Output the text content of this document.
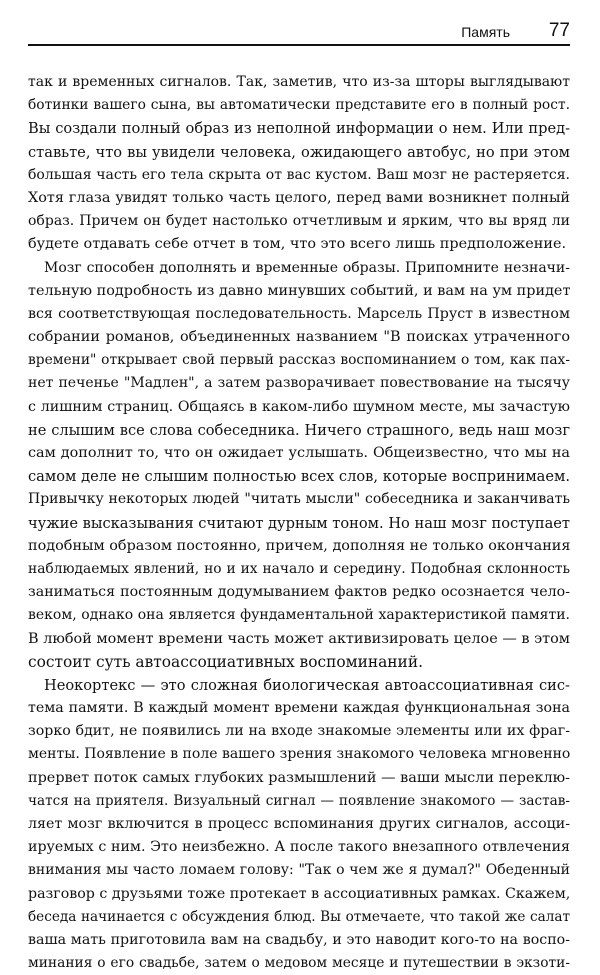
Память 77
так и временных сигналов. Так, заметив, что из-за шторы выглядывают
ботинки вашего сына, вы автоматически представите его в полный рост.
Вы создали полный образ из неполной информации о нем. Или пред-
ставьте, что вы увидели человека, ожидающего автобус, но при этом
большая часть его тела скрыта от вас кустом. Ваш мозг не растеряется.
Хотя глаза увидят только часть целого, перед вами возникнет полный
образ. Причем он будет настолько отчетливым и ярким, что вы вряд ли
будете отдавать себе отчет в том, что это всего лишь предположение.
Мозг способен дополнять и временные образы. Припомните незначи-
тельную подробность из давно минувших событий, и вам на ум придет
вся соответствующая последовательность. Марсель Пруст в известном
собрании романов, объединенных названием "В поисках утраченного
времени" открывает свой первый рассказ воспоминанием о том, как пах-
нет печенье "Мадлен", а затем разворачивает повествование на тысячу
с лишним страниц. Общаясь в каком-либо шумном месте, мы зачастую
не слышим все слова собеседника. Ничего страшного, ведь наш мозг
сам дополнит то, что он ожидает услышать. Общеизвестно, что мы на
самом деле не слышим полностью всех слов, которые воспринимаем.
Привычку некоторых людей "читать мысли" собеседника и заканчивать
чужие высказывания считают дурным тоном. Но наш мозг поступает
подобным образом постоянно, причем, дополняя не только окончания
наблюдаемых явлений, но и их начало и середину. Подобная склонность
заниматься постоянным додумыванием фактов редко осознается чело-
веком, однако она является фундаментальной характеристикой памяти.
В любой момент времени часть может активизировать целое — в этом
состоит суть автоассоциативных воспоминаний.
Неокортекс — это сложная биологическая автоассоциативная сис-
тема памяти. В каждый момент времени каждая функциональная зона
зорко бдит, не появились ли на входе знакомые элементы или их фраг-
менты. Появление в поле вашего зрения знакомого человека мгновенно
прервет поток самых глубоких размышлений — ваши мысли переклю-
чатся на приятеля. Визуальный сигнал — появление знакомого — застав-
ляет мозг включится в процесс вспоминания других сигналов, ассоци-
ируемых с ним. Это неизбежно. А после такого внезапного отвлечения
внимания мы часто ломаем голову: "Так о чем же я думал?" Обеденный
разговор с друзьями тоже протекает в ассоциативных рамках. Скажем,
беседа начинается с обсуждения блюд. Вы отмечаете, что такой же салат
ваша мать приготовила вам на свадьбу, и это наводит кого-то на воспо-
минания о его свадьбе, затем о медовом месяце и путешествии в экзоти-
